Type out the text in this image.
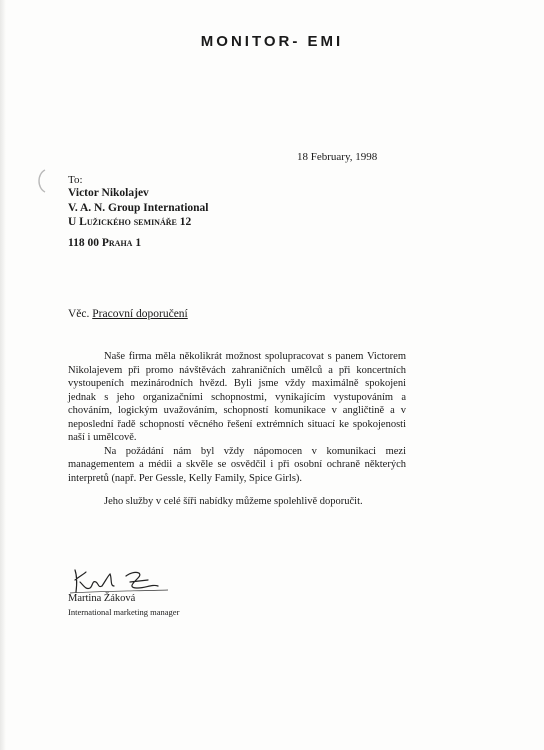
MONITOR- EMI
18 February, 1998
To:
Victor Nikolajev
V. A. N. Group International
U Lužického semináře 12
118 00 Praha 1
Věc. Pracovní doporučení

Naše firma měla několikrát možnost spolupracovat s panem Victorem Nikolajevem při promo návštěvách zahraničních umělců a při koncertních vystoupeních mezinárodních hvězd. Byli jsme vždy maximálně spokojeni jednak s jeho organizačními schopnostmi, vynikajícím vystupováním a chováním, logickým uvažováním, schopností komunikace v angličtině a v neposlední řadě schopností věcného řešení extrémních situací ke spokojenosti naší i umělcově.

Na požádání nám byl vždy nápomocen v komunikaci mezi managementem a médii a skvěle se osvědčil i při osobní ochraně některých interpretů (např. Per Gessle, Kelly Family, Spice Girls).

Jeho služby v celé šíři nabídky můžeme spolehlivě doporučit.

Martina Žáková
International marketing manager
